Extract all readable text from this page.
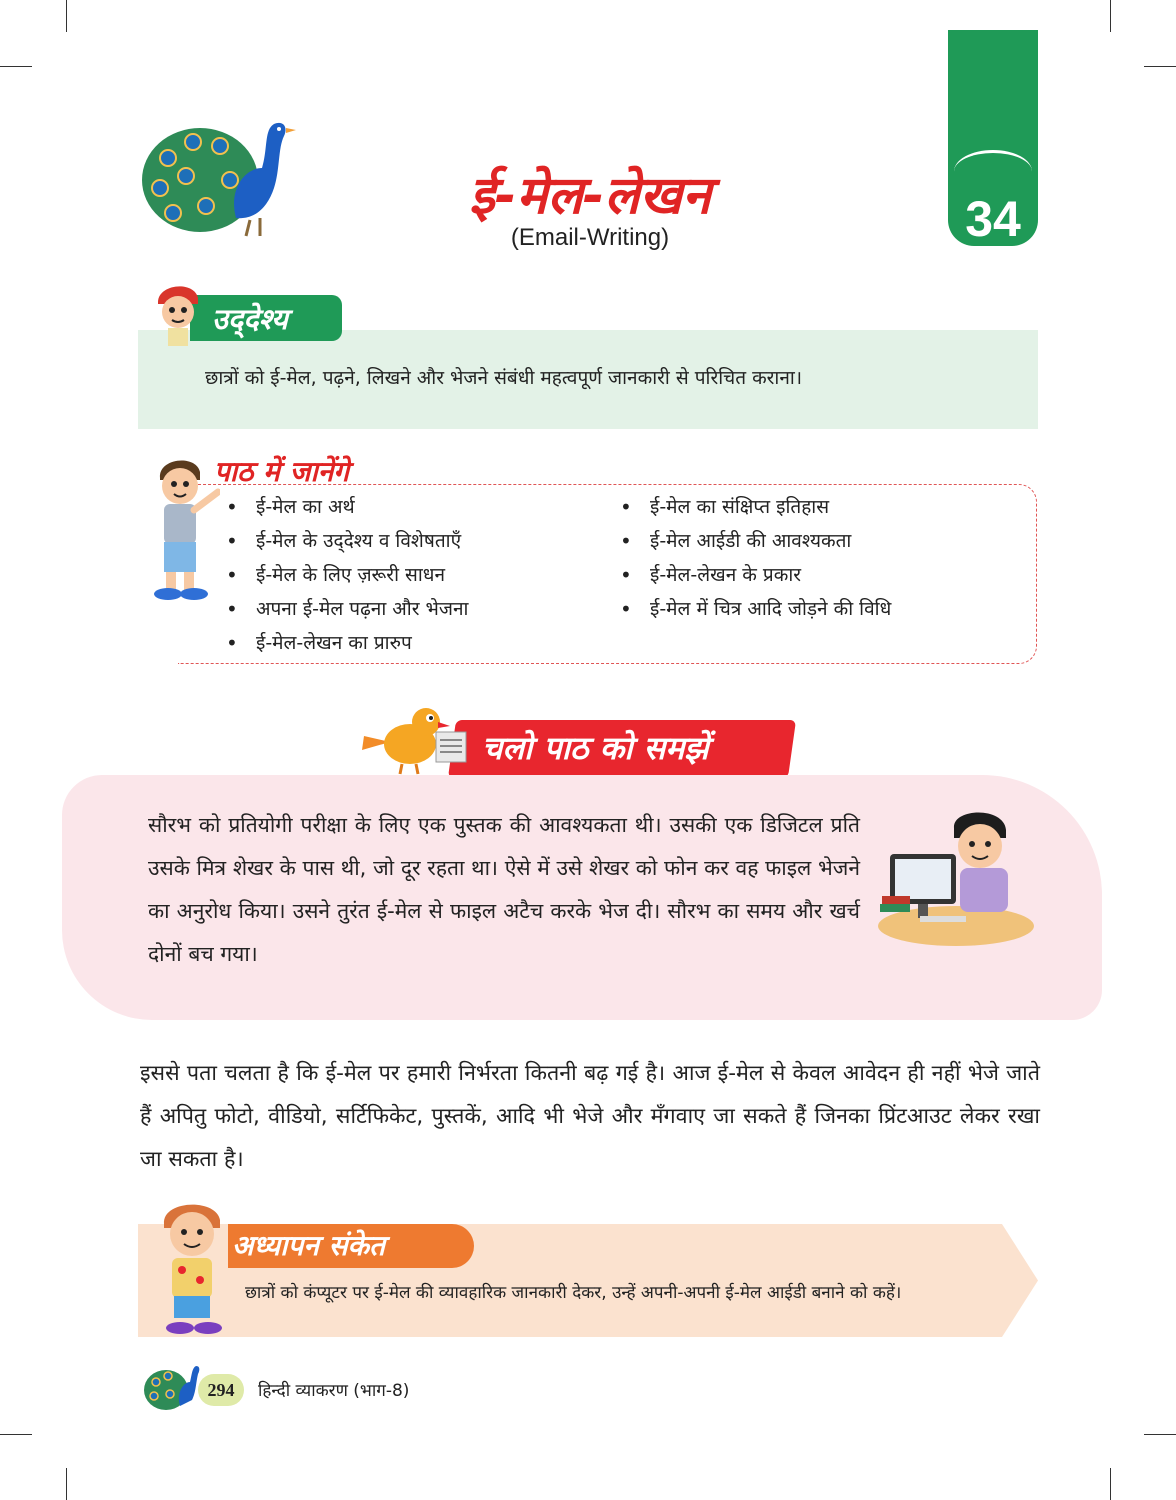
34
ई-मेल-लेखन
(Email-Writing)
उद्‌देश्य
छात्रों को ई-मेल, पढ़ने, लिखने और भेजने संबंधी महत्वपूर्ण जानकारी से परिचित कराना।
पाठ में जानेंगे
• ई-मेल का अर्थ
• ई-मेल के उद्‌देश्य व विशेषताएँ
• ई-मेल के लिए ज़रूरी साधन
• अपना ई-मेल पढ़ना और भेजना
• ई-मेल-लेखन का प्रारुप
• ई-मेल का संक्षिप्त इतिहास
• ई-मेल आईडी की आवश्यकता
• ई-मेल-लेखन के प्रकार
• ई-मेल में चित्र आदि जोड़ने की विधि
चलो पाठ को समझें
सौरभ को प्रतियोगी परीक्षा के लिए एक पुस्तक की आवश्यकता थी। उसकी एक डिजिटल प्रति उसके मित्र शेखर के पास थी, जो दूर रहता था। ऐसे में उसे शेखर को फोन कर वह फाइल भेजने का अनुरोध किया। उसने तुरंत ई-मेल से फाइल अटैच करके भेज दी। सौरभ का समय और खर्च दोनों बच गया।
इससे पता चलता है कि ई-मेल पर हमारी निर्भरता कितनी बढ़ गई है। आज ई-मेल से केवल आवेदन ही नहीं भेजे जाते हैं अपितु फोटो, वीडियो, सर्टिफिकेट, पुस्तकें, आदि भी भेजे और मँगवाए जा सकते हैं जिनका प्रिंटआउट लेकर रखा जा सकता है।
अध्यापन संकेत
छात्रों को कंप्यूटर पर ई-मेल की व्यावहारिक जानकारी देकर, उन्हें अपनी-अपनी ई-मेल आईडी बनाने को कहें।
294	हिन्दी व्याकरण (भाग-8)
